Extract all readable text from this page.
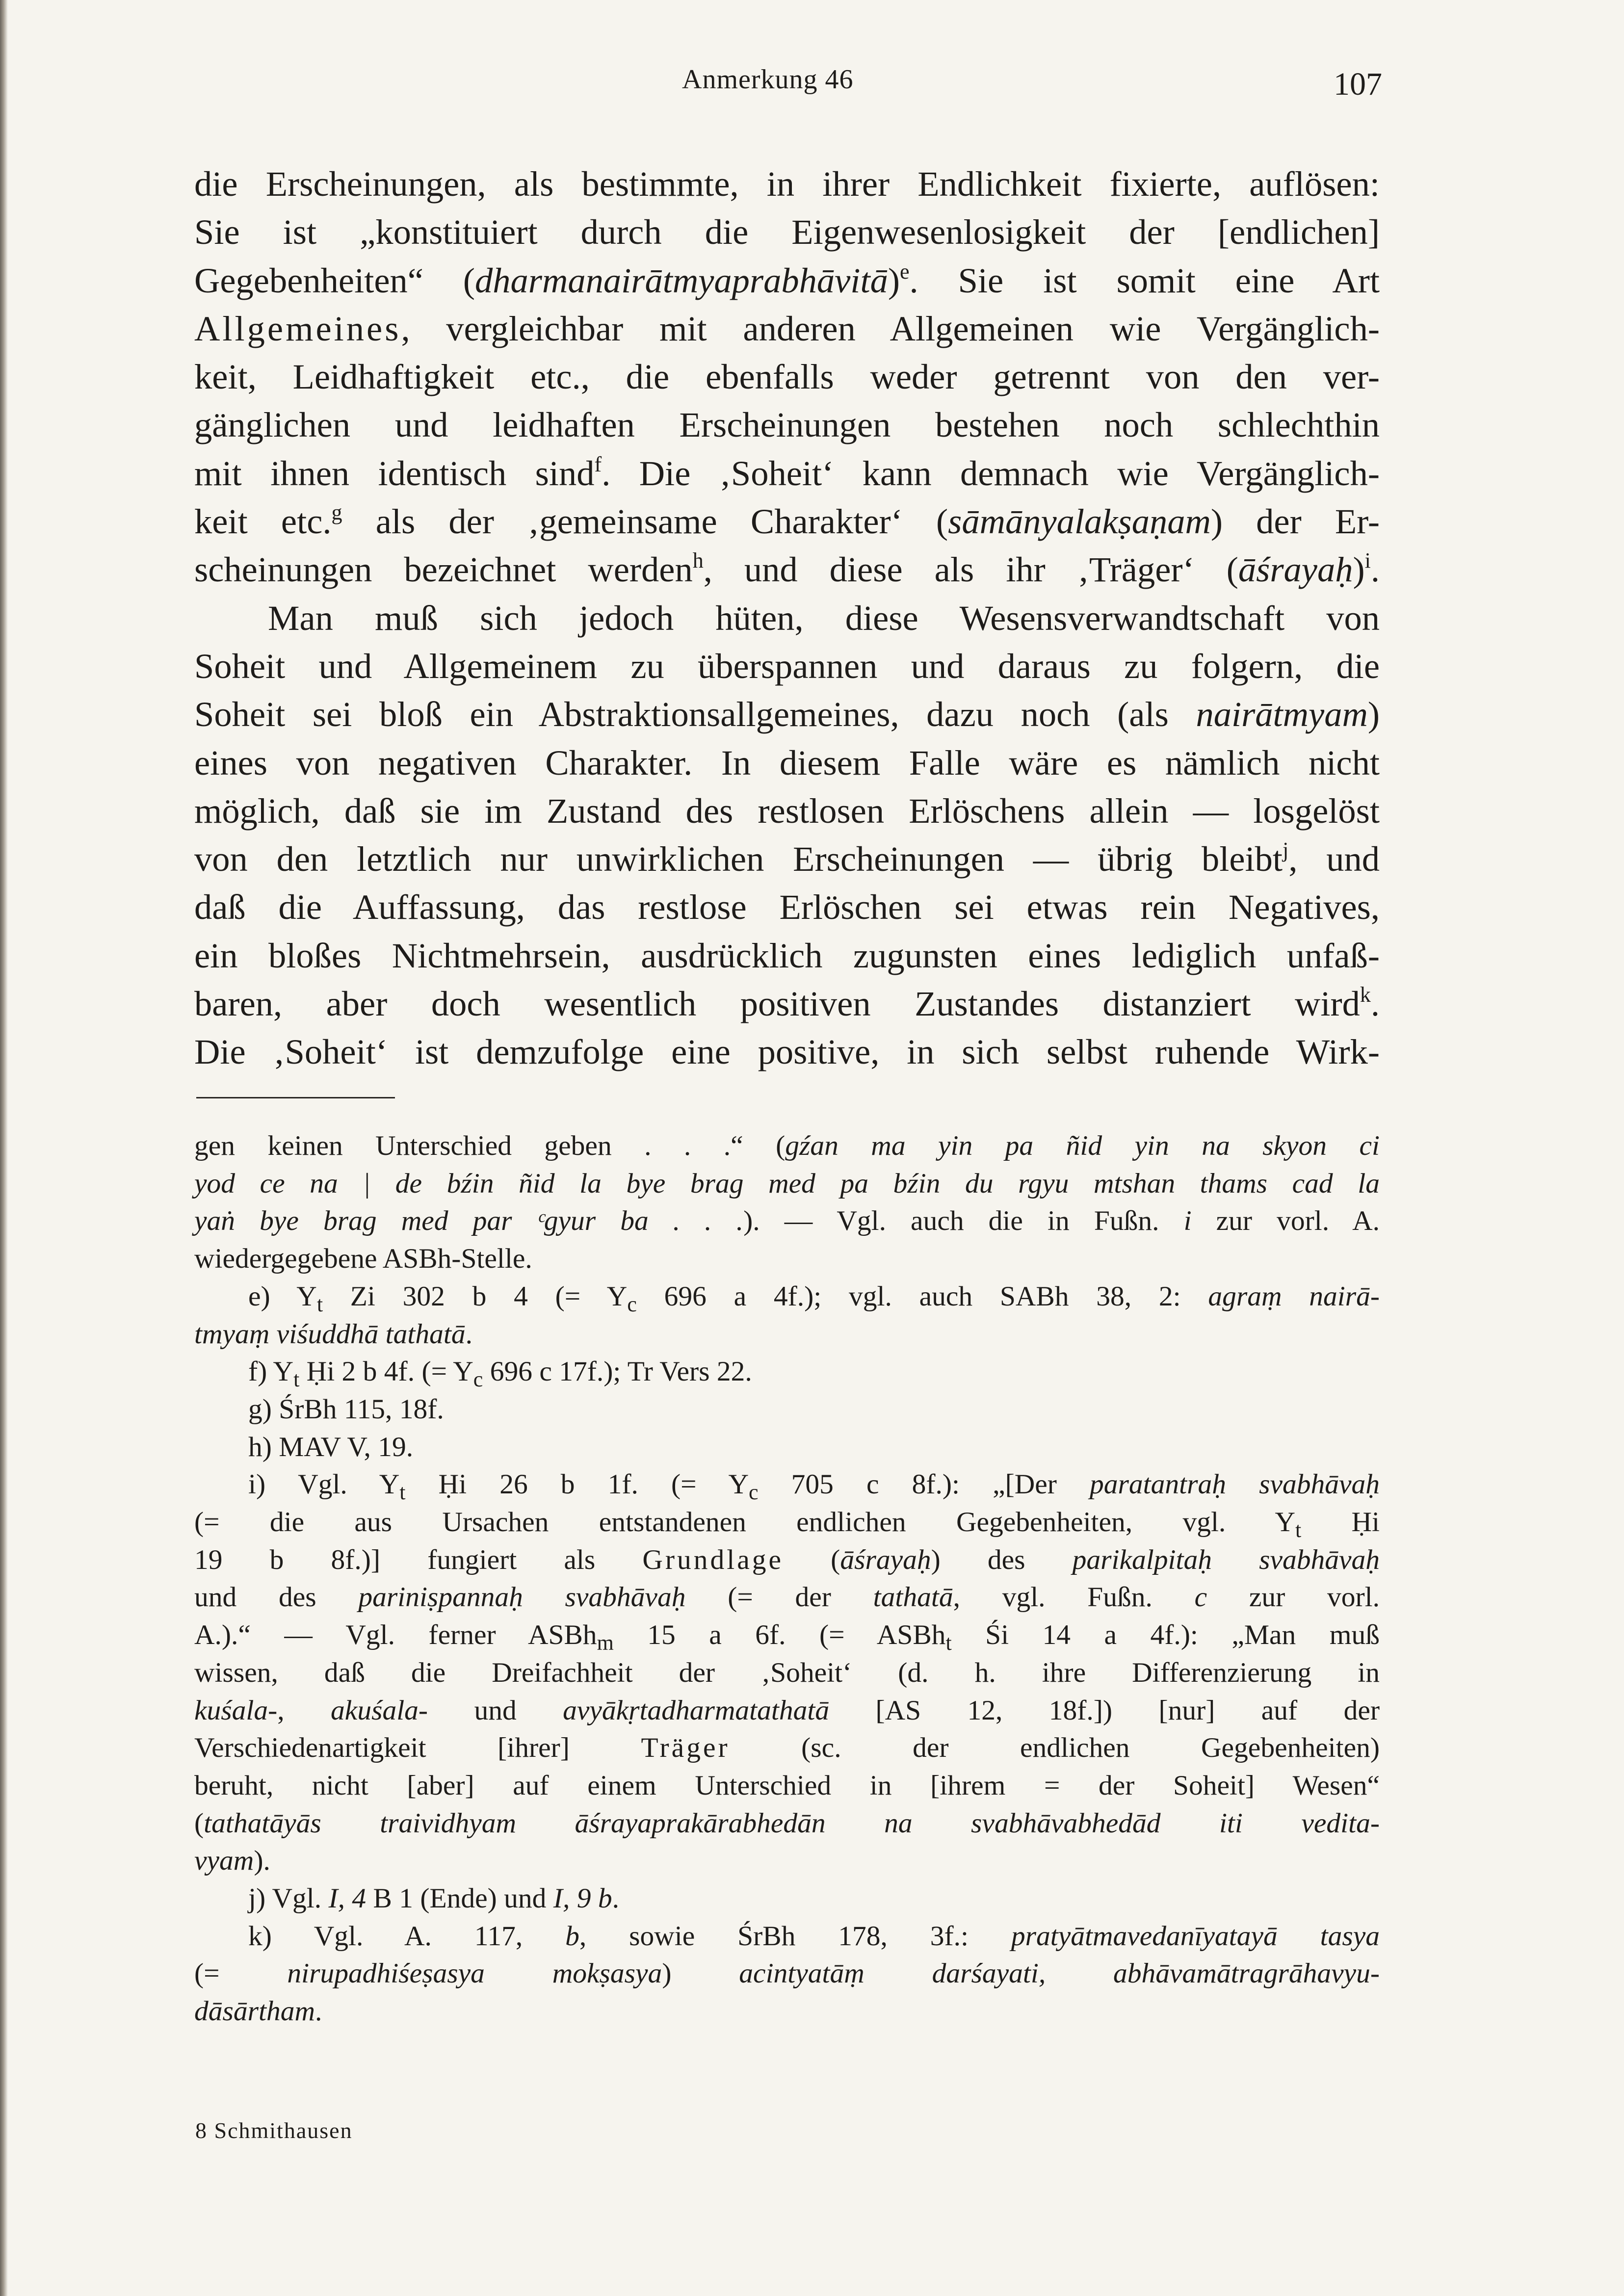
Anmerkung 46	107
die Erscheinungen, als bestimmte, in ihrer Endlichkeit fixierte, auflösen:
Sie ist „konstituiert durch die Eigenwesenlosigkeit der [endlichen]
Gegebenheiten“ (dharmanairātmyaprabhāvitā)$^e$. Sie ist somit eine Art
Allgemeines, vergleichbar mit anderen Allgemeinen wie Vergänglich-
keit, Leidhaftigkeit etc., die ebenfalls weder getrennt von den ver-
gänglichen und leidhaften Erscheinungen bestehen noch schlechthin
mit ihnen identisch sind$^f$. Die ‚Soheit‘ kann demnach wie Vergänglich-
keit etc.$^g$ als der ‚gemeinsame Charakter‘ (sāmānyalakṣaṇam) der Er-
scheinungen bezeichnet werden$^h$, und diese als ihr ‚Träger‘ (āśrayaḥ)$^i$.
Man muß sich jedoch hüten, diese Wesensverwandtschaft von
Soheit und Allgemeinem zu überspannen und daraus zu folgern, die
Soheit sei bloß ein Abstraktionsallgemeines, dazu noch (als nairātmyam)
eines von negativen Charakter. In diesem Falle wäre es nämlich nicht
möglich, daß sie im Zustand des restlosen Erlöschens allein — losgelöst
von den letztlich nur unwirklichen Erscheinungen — übrig bleibt$^j$, und
daß die Auffassung, das restlose Erlöschen sei etwas rein Negatives,
ein bloßes Nichtmehrsein, ausdrücklich zugunsten eines lediglich unfaß-
baren, aber doch wesentlich positiven Zustandes distanziert wird$^k$.
Die ‚Soheit‘ ist demzufolge eine positive, in sich selbst ruhende Wirk-
gen keinen Unterschied geben . . .“ (gźan ma yin pa ñid yin na skyon ci
yod ce na | de bźin ñid la bye brag med pa bźin du rgyu mtshan thams cad la
yaṅ bye brag med par ᶜgyur ba . . .). — Vgl. auch die in Fußn. i zur vorl. A.
wiedergegebene ASBh-Stelle.
e) $Y_t$ Zi 302 b 4 (= $Y_c$ 696 a 4f.); vgl. auch SABh 38, 2: agraṃ nairā-
tmyaṃ viśuddhā tathatā.
f) $Y_t$ Ḥi 2 b 4f. (= $Y_c$ 696 c 17f.); Tr Vers 22.
g) ŚrBh 115, 18f.
h) MAV V, 19.
i) Vgl. $Y_t$ Ḥi 26 b 1f. (= $Y_c$ 705 c 8f.): „[Der paratantraḥ svabhāvaḥ
(= die aus Ursachen entstandenen endlichen Gegebenheiten, vgl. $Y_t$ Ḥi
19 b 8f.)] fungiert als Grundlage (āśrayaḥ) des parikalpitaḥ svabhāvaḥ
und des pariniṣpannaḥ svabhāvaḥ (= der tathatā, vgl. Fußn. c zur vorl.
A.).“ — Vgl. ferner ASBh$_m$ 15 a 6f. (= ASBh$_t$ Śi 14 a 4f.): „Man muß
wissen, daß die Dreifachheit der ‚Soheit‘ (d. h. ihre Differenzierung in
kuśala-, akuśala- und avyākṛtadharmatathatā [AS 12, 18f.]) [nur] auf der
Verschiedenartigkeit [ihrer] Träger (sc. der endlichen Gegebenheiten)
beruht, nicht [aber] auf einem Unterschied in [ihrem = der Soheit] Wesen“
(tathatāyās traividhyam āśrayaprakārabhedān na svabhāvabhedād iti vedita-
vyam).
j) Vgl. I, 4 B 1 (Ende) und I, 9 b.
k) Vgl. A. 117, b, sowie ŚrBh 178, 3f.: pratyātmavedanīyatayā tasya
(= nirupadhiśeṣasya mokṣasya) acintyatāṃ darśayati, abhāvamātragrāhavyu-
dāsārtham.
8 Schmithausen
